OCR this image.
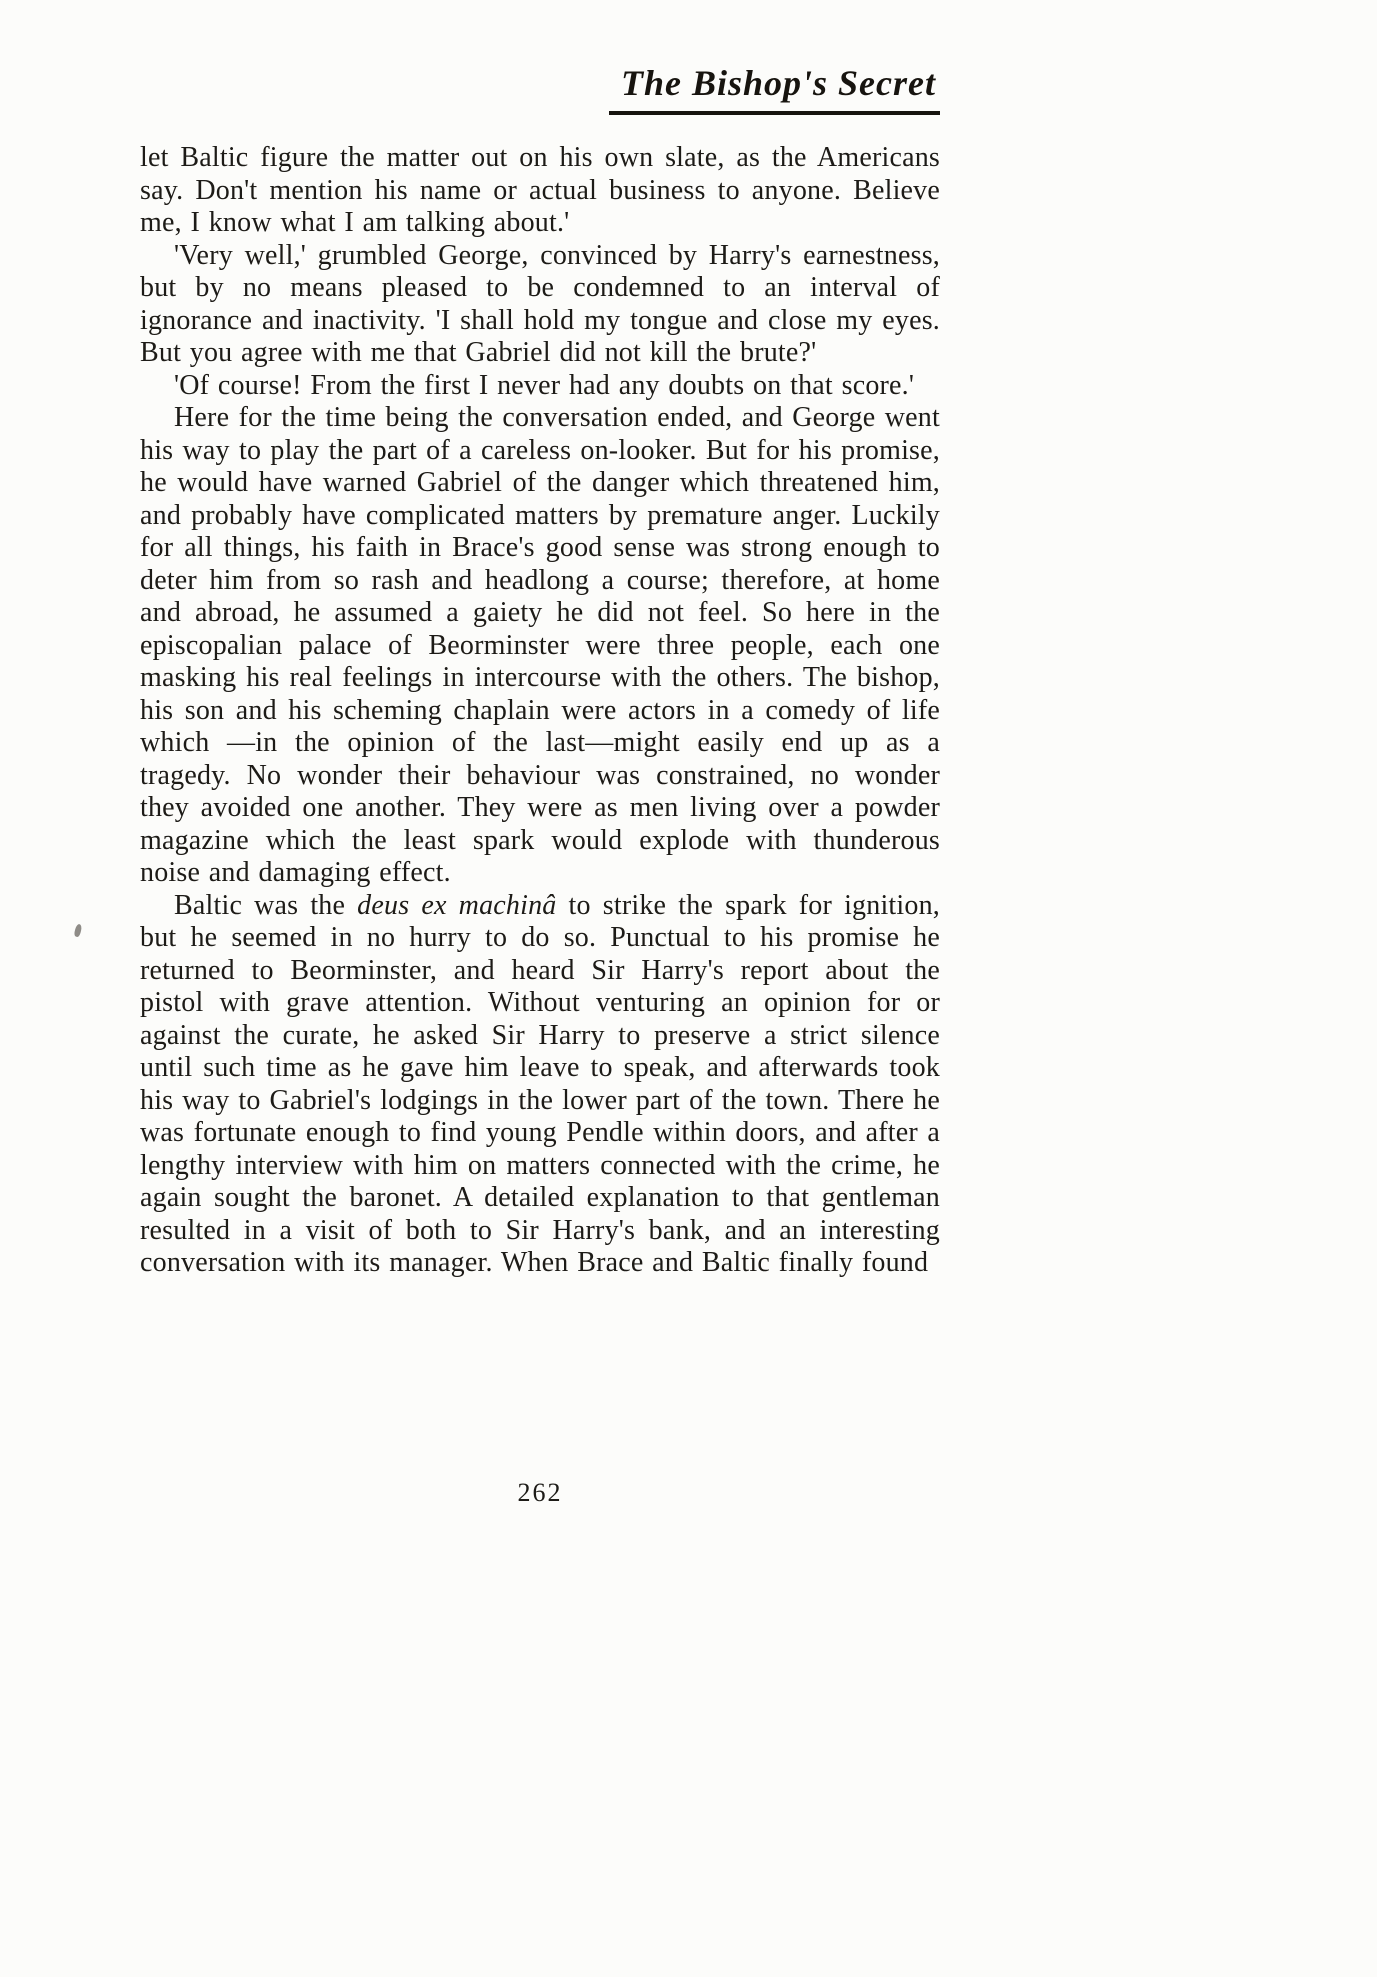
The Bishop's Secret

let Baltic figure the matter out on his own slate, as the Americans say. Don't mention his name or actual business to anyone. Believe me, I know what I am talking about.'

'Very well,' grumbled George, convinced by Harry's earnestness, but by no means pleased to be condemned to an interval of ignorance and inactivity. 'I shall hold my tongue and close my eyes. But you agree with me that Gabriel did not kill the brute?'

'Of course! From the first I never had any doubts on that score.'

Here for the time being the conversation ended, and George went his way to play the part of a careless on-looker. But for his promise, he would have warned Gabriel of the danger which threatened him, and probably have complicated matters by premature anger. Luckily for all things, his faith in Brace's good sense was strong enough to deter him from so rash and headlong a course; therefore, at home and abroad, he assumed a gaiety he did not feel. So here in the episcopalian palace of Beorminster were three people, each one masking his real feelings in intercourse with the others. The bishop, his son and his scheming chaplain were actors in a comedy of life which —in the opinion of the last—might easily end up as a tragedy. No wonder their behaviour was constrained, no wonder they avoided one another. They were as men living over a powder magazine which the least spark would explode with thunderous noise and damaging effect.

Baltic was the deus ex machinâ to strike the spark for ignition, but he seemed in no hurry to do so. Punctual to his promise he returned to Beorminster, and heard Sir Harry's report about the pistol with grave attention. Without venturing an opinion for or against the curate, he asked Sir Harry to preserve a strict silence until such time as he gave him leave to speak, and afterwards took his way to Gabriel's lodgings in the lower part of the town. There he was fortunate enough to find young Pendle within doors, and after a lengthy interview with him on matters connected with the crime, he again sought the baronet. A detailed explanation to that gentleman resulted in a visit of both to Sir Harry's bank, and an interesting conversation with its manager. When Brace and Baltic finally found

262
